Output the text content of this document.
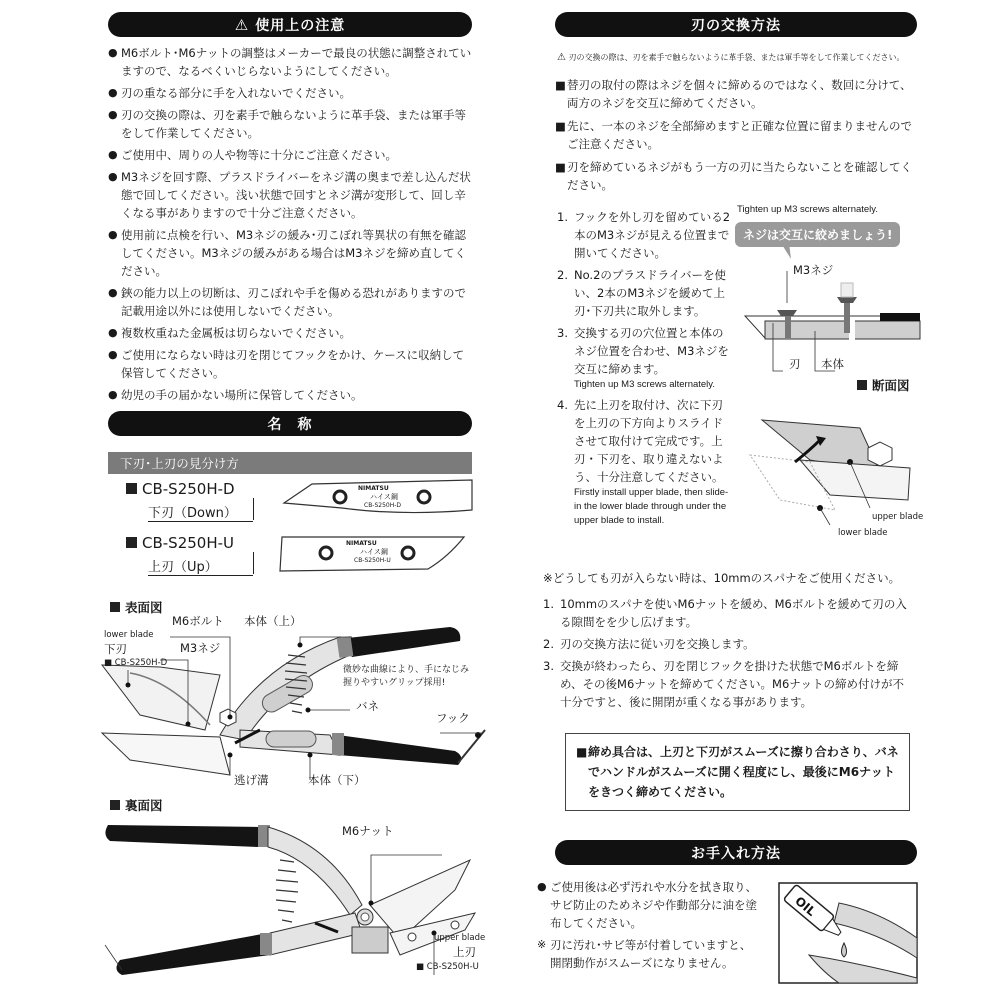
⚠ 使用上の注意
● M6ボルト･M6ナットの調整はメーカーで最良の状態に調整されていますので、なるべくいじらないようにしてください。
● 刃の重なる部分に手を入れないでください。
● 刃の交換の際は、刃を素手で触らないように革手袋、または軍手等をして作業してください。
● ご使用中、周りの人や物等に十分にご注意ください。
● M3ネジを回す際、プラスドライバーをネジ溝の奥まで差し込んだ状態で回してください。浅い状態で回すとネジ溝が変形して、回し辛くなる事がありますので十分ご注意ください。
● 使用前に点検を行い、M3ネジの緩み･刃こぼれ等異状の有無を確認してください。M3ネジの緩みがある場合はM3ネジを締め直してください。
● 鋏の能力以上の切断は、刃こぼれや手を傷める恐れがありますので記載用途以外には使用しないでください。
● 複数枚重ねた金属板は切らないでください。
● ご使用にならない時は刃を閉じてフックをかけ、ケースに収納して保管してください。
● 幼児の手の届かない場所に保管してください。
名　称
下刃･上刃の見分け方
CB-S250H-D
下刃（Down）
NIMATSU
ハイス鋼
CB-S250H-D
CB-S250H-U
上刃（Up）
NIMATSU
ハイス鋼
CB-S250H-U
表面図
lower blade
下刃
■ CB-S250H-D
M6ボルト 本体（上）
M3ネジ
微妙な曲線により、手になじみ
握りやすいグリップ採用!
バネ
フック
逃げ溝	本体（下）
裏面図
M6ナット
upper blade
上刃
■ CB-S250H-U
刃の交換方法
⚠ 刃の交換の際は、刃を素手で触らないように革手袋、または軍手等をして作業してください。
■ 替刃の取付の際はネジを個々に締めるのではなく、数回に分けて、両方のネジを交互に締めてください。
■ 先に、一本のネジを全部締めますと正確な位置に留まりませんのでご注意ください。
■ 刃を締めているネジがもう一方の刃に当たらないことを確認してください。
1. フックを外し刃を留めている2本のM3ネジが見える位置まで開いてください。
2. No.2のプラスドライバーを使い、2本のM3ネジを緩めて上刃･下刃共に取外します。
3. 交換する刃の穴位置と本体のネジ位置を合わせ、M3ネジを交互に締めます。
Tighten up M3 screws alternately.
4. 先に上刃を取付け、次に下刃を上刃の下方向よりスライドさせて取付けて完成です。上刃・下刃を、取り違えないよう、十分注意してください。
Firstly install upper blade, then slide-in the lower blade through under the upper blade to install.
Tighten up M3 screws alternately.
ネジは交互に絞めましょう!
M3ネジ
刃 本体
断面図
upper blade
lower blade
※どうしても刃が入らない時は、10mmのスパナをご使用ください。
1. 10mmのスパナを使いM6ナットを緩め、M6ボルトを緩めて刃の入る隙間をを少し広げます。
2. 刃の交換方法に従い刃を交換します。
3. 交換が終わったら、刃を閉じフックを掛けた状態でM6ボルトを締め、その後M6ナットを締めてください。M6ナットの締め付けが不十分ですと、後に開閉が重くなる事があります。
■ 締め具合は、上刃と下刃がスムーズに擦り合わさり、バネでハンドルがスムーズに開く程度にし、最後にM6ナットをきつく締めてください。
お手入れ方法
● ご使用後は必ず汚れや水分を拭き取り、サビ防止のためネジや作動部分に油を塗布してください。
※ 刃に汚れ･サビ等が付着していますと、開閉動作がスムーズになりません。
OIL
